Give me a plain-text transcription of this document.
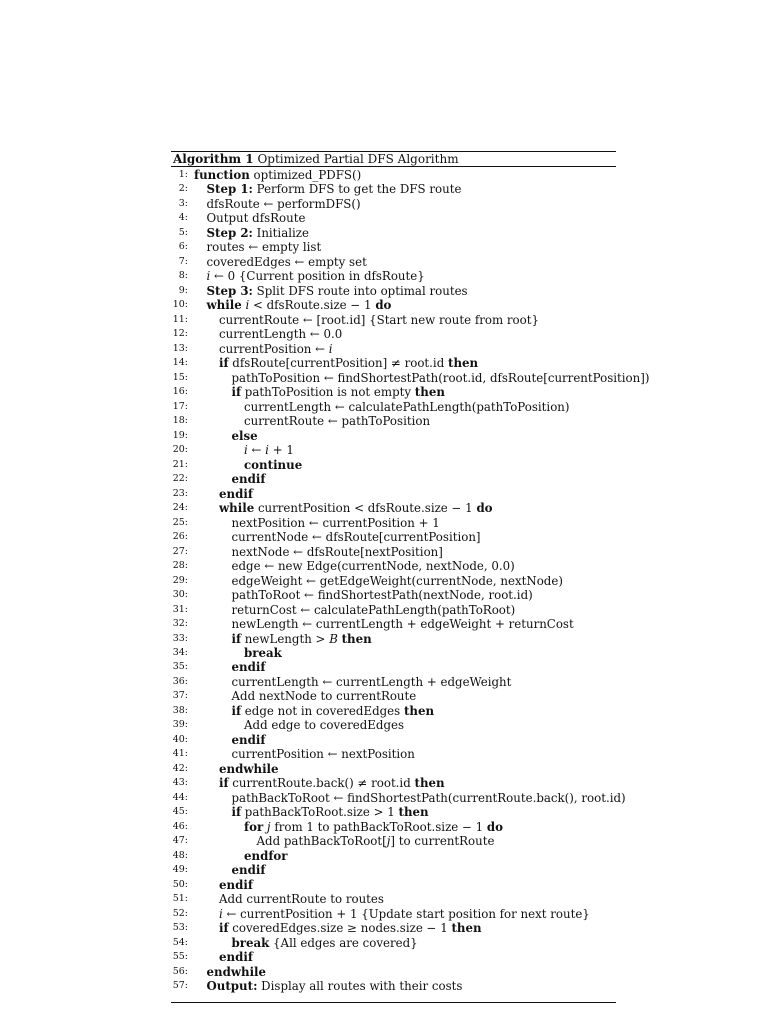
Algorithm 1 Optimized Partial DFS Algorithm
1: function optimized_PDFS()
2: Step 1: Perform DFS to get the DFS route
3: dfsRoute ← performDFS()
4: Output dfsRoute
5: Step 2: Initialize
6: routes ← empty list
7: coveredEdges ← empty set
8: i ← 0 {Current position in dfsRoute}
9: Step 3: Split DFS route into optimal routes
10: while i < dfsRoute.size − 1 do
11:	currentRoute ← [root.id] {Start new route from root}
12:	currentLength ← 0.0
13:	currentPosition ← i
14:	if dfsRoute[currentPosition] ≠ root.id then
15:	pathToPosition ← findShortestPath(root.id, dfsRoute[currentPosition])
16:	if pathToPosition is not empty then
17:	currentLength ← calculatePathLength(pathToPosition)
18:	currentRoute ← pathToPosition
19:	else
20:	i ← i + 1
21:	continue
22:	endif
23:	endif
24:	while currentPosition < dfsRoute.size − 1 do
25:	nextPosition ← currentPosition + 1
26:	currentNode ← dfsRoute[currentPosition]
27:	nextNode ← dfsRoute[nextPosition]
28:	edge ← new Edge(currentNode, nextNode, 0.0)
29:	edgeWeight ← getEdgeWeight(currentNode, nextNode)
30:	pathToRoot ← findShortestPath(nextNode, root.id)
31:	returnCost ← calculatePathLength(pathToRoot)
32:	newLength ← currentLength + edgeWeight + returnCost
33:	if newLength > B then
34:	break
35:	endif
36:	currentLength ← currentLength + edgeWeight
37:	Add nextNode to currentRoute
38:	if edge not in coveredEdges then
39:	Add edge to coveredEdges
40:	endif
41:	currentPosition ← nextPosition
42:	endwhile
43:	if currentRoute.back() ≠ root.id then
44:	pathBackToRoot ← findShortestPath(currentRoute.back(), root.id)
45:	if pathBackToRoot.size > 1 then
46:	for j from 1 to pathBackToRoot.size − 1 do
47:	Add pathBackToRoot[j] to currentRoute
48:	endfor
49:	endif
50:	endif
51:	Add currentRoute to routes
52:	i ← currentPosition + 1 {Update start position for next route}
53:	if coveredEdges.size ≥ nodes.size − 1 then
54:	break {All edges are covered}
55:	endif
56: endwhile
57: Output: Display all routes with their costs
